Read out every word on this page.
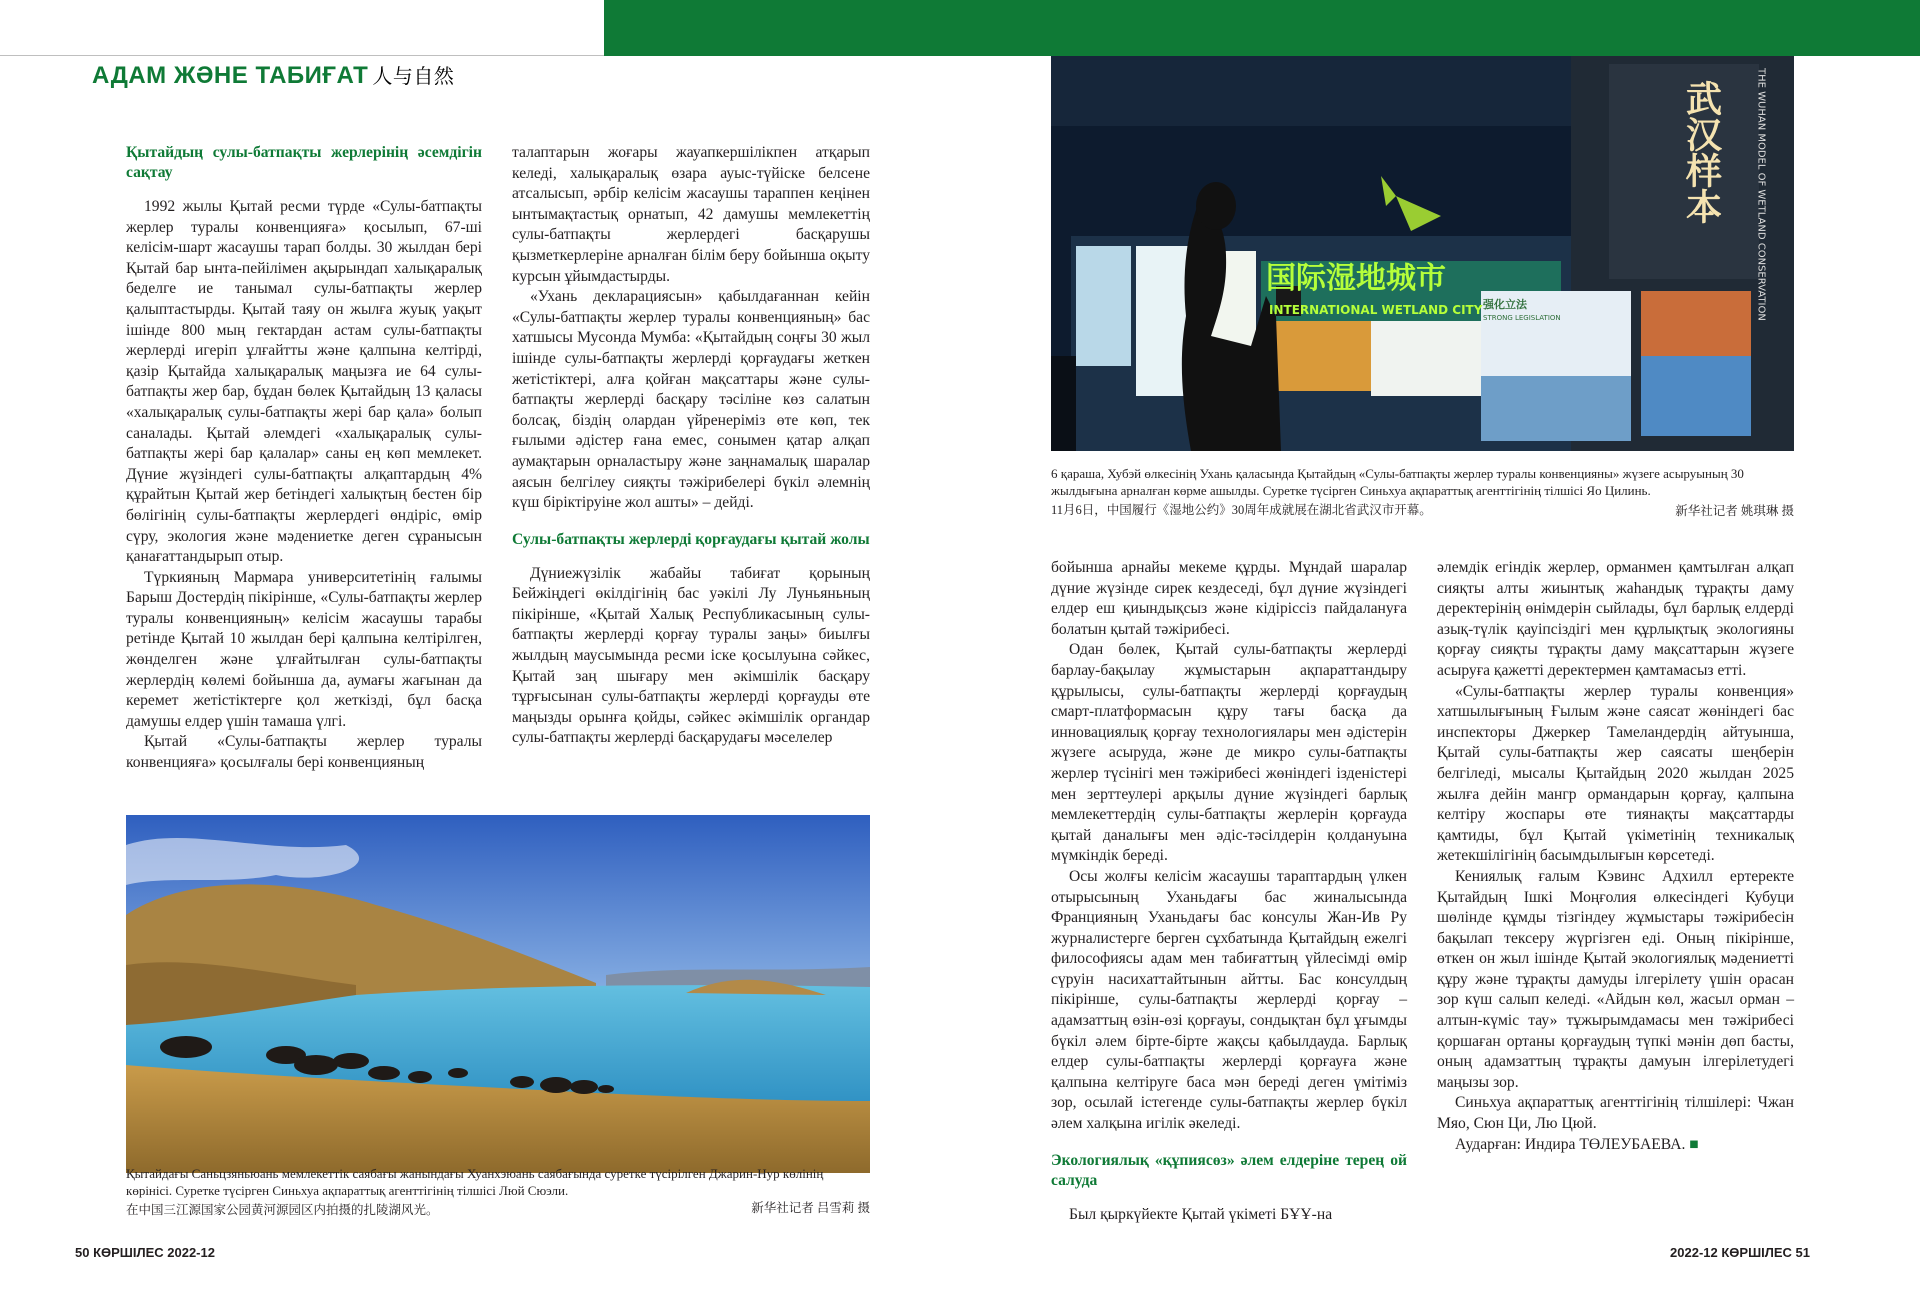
АДАМ ЖӘНЕ ТАБИҒАТ 人与自然
Қытайдың сулы-батпақты жерлерінің әсемдігін сақтау

1992 жылы Қытай ресми түрде «Сулы-батпақты жерлер туралы конвенцияға» қосылып, 67-ші келісім-шарт жасаушы тарап болды. 30 жылдан бері Қытай бар ынта-пейілімен ақырындап халықаралық беделге ие танымал сулы-батпақты жерлер қалыптастырды. Қытай таяу он жылға жуық уақыт ішінде 800 мың гектардан астам сулы-батпақты жерлерді игеріп ұлғайтты және қалпына келтірді, қазір Қытайда халықаралық маңызға ие 64 сулы-батпақты жер бар, бұдан бөлек Қытайдың 13 қаласы «халықаралық сулы-батпақты жері бар қала» болып саналады. Қытай әлемдегі «халықаралық сулы-батпақты жері бар қалалар» саны ең көп мемлекет. Дүние жүзіндегі сулы-батпақты алқаптардың 4% құрайтын Қытай жер бетіндегі халықтың бестен бір бөлігінің сулы-батпақты жерлердегі өндіріс, өмір сүру, экология және мәдениетке деген сұранысын қанағаттандырып отыр.

Түркияның Мармара университетінің ғалымы Барыш Достердің пікірінше, «Сулы-батпақты жерлер туралы конвенцияның» келісім жасаушы тарабы ретінде Қытай 10 жылдан бері қалпына келтірілген, жөнделген және ұлғайтылған сулы-батпақты жерлердің көлемі бойынша да, аумағы жағынан да керемет жетістіктерге қол жеткізді, бұл басқа дамушы елдер үшін тамаша үлгі.

Қытай «Сулы-батпақты жерлер туралы конвенцияға» қосылғалы бері конвенцияның

талаптарын жоғары жауапкершілікпен атқарып келеді, халықаралық өзара ауыс-түйіске белсене атсалысып, әрбір келісім жасаушы тараппен кеңінен ынтымақтастық орнатып, 42 дамушы мемлекеттің сулы-батпақты жерлердегі басқарушы қызметкерлеріне арналған білім беру бойынша оқыту курсын ұйымдастырды.

«Ухань декларациясын» қабылдағаннан кейін «Сулы-батпақты жерлер туралы конвенцияның» бас хатшысы Мусонда Мумба: «Қытайдың соңғы 30 жыл ішінде сулы-батпақты жерлерді қорғаудағы жеткен жетістіктері, алға қойған мақсаттары және сулы-батпақты жерлерді басқару тәсіліне көз салатын болсақ, біздің олардан үйренеріміз өте көп, тек ғылыми әдістер ғана емес, сонымен қатар алқап аумақтарын орналастыру және заңнамалық шаралар аясын белгілеу сияқты тәжірибелері бүкіл әлемнің күш біріктіруіне жол ашты» – дейді.

Сулы-батпақты жерлерді қорғаудағы қытай жолы

Дүниежүзілік жабайы табиғат қорының Бейжіңдегі өкілдігінің бас уәкілі Лу Луньяньның пікірінше, «Қытай Халық Республикасының сулы-батпақты жерлерді қорғау туралы заңы» биылғы жылдың маусымында ресми іске қосылуына сәйкес, Қытай заң шығару мен әкімшілік басқару тұрғысынан сулы-батпақты жерлерді қорғауды өте маңызды орынға қойды, сәйкес әкімшілік органдар сулы-батпақты жерлерді басқарудағы мәселелер

Қытайдағы Саньцзяньюань мемлекеттік саябағы жанындағы Хуанхэюань саябағында суретке түсірілген Джарин-Нур көлінің көрінісі. Суретке түсірген Синьхуа ақпараттық агенттігінің тілшісі Люй Сюэли.

在中国三江源国家公园黄河源园区内拍摄的扎陵湖风光。	新华社记者 吕雪莉 摄
国际湿地城市
INTERNATIONAL WETLAND CITY 强化立法
STRONG LEGISLATION
武汉样本	THE WUHAN MODEL OF WETLAND CONSERVATION

6 қараша, Хубэй өлкесінің Ухань қаласында Қытайдың «Сулы-батпақты жерлер туралы конвенцияны» жүзеге асыруының 30 жылдығына арналған көрме ашылды. Суретке түсірген Синьхуа ақпараттық агенттігінің тілшісі Яо Цилинь.

11月6日，中国履行《湿地公约》30周年成就展在湖北省武汉市开幕。	新华社记者 姚琪琳 摄

бойынша арнайы мекеме құрды. Мұндай шаралар дүние жүзінде сирек кездеседі, бұл дүние жүзіндегі елдер еш қиындықсыз және кідіріссіз пайдалануға болатын қытай тәжірибесі.

Одан бөлек, Қытай сулы-батпақты жерлерді барлау-бақылау жұмыстарын ақпараттандыру құрылысы, сулы-батпақты жерлерді қорғаудың смарт-платформасын құру тағы басқа да инновациялық қорғау технологиялары мен әдістерін жүзеге асыруда, және де микро сулы-батпақты жерлер түсінігі мен тәжірибесі жөніндегі ізденістері мен зерттеулері арқылы дүние жүзіндегі барлық мемлекеттердің сулы-батпақты жерлерін қорғауда қытай даналығы мен әдіс-тәсілдерін қолдануына мүмкіндік береді.

Осы жолғы келісім жасаушы тараптардың үлкен отырысының Уханьдағы бас жиналысында Францияның Уханьдағы бас консулы Жан-Ив Ру журналистерге берген сұхбатында Қытайдың ежелгі философиясы адам мен табиғаттың үйлесімді өмір сүруін насихаттайтынын айтты. Бас консулдың пікірінше, сулы-батпақты жерлерді қорғау – адамзаттың өзін-өзі қорғауы, сондықтан бұл ұғымды бүкіл әлем бірте-бірте жақсы қабылдауда. Барлық елдер сулы-батпақты жерлерді қорғауға және қалпына келтіруге баса мән береді деген үмітіміз зор, осылай істегенде сулы-батпақты жерлер бүкіл әлем халқына игілік әкеледі.

Экологиялық «құпиясөз» әлем елдеріне терең ой салуда

Был қыркүйекте Қытай үкіметі БҰҰ-на

әлемдік егіндік жерлер, орманмен қамтылған алқап сияқты алты жиынтық жаһандық тұрақты даму деректерінің өнімдерін сыйлады, бұл барлық елдерді азық-түлік қауіпсіздігі мен құрлықтық экологияны қорғау сияқты тұрақты даму мақсаттарын жүзеге асыруға қажетті деректермен қамтамасыз етті.

«Сулы-батпақты жерлер туралы конвенция» хатшылығының Ғылым және саясат жөніндегі бас инспекторы Джеркер Тамеландердің айтуынша, Қытай сулы-батпақты жер саясаты шеңберін белгіледі, мысалы Қытайдың 2020 жылдан 2025 жылға дейін мангр ормандарын қорғау, қалпына келтіру жоспары өте тиянақты мақсаттарды қамтиды, бұл Қытай үкіметінің техникалық жетекшілігінің басымдылығын көрсетеді.

Кениялық ғалым Кэвинс Адхилл ертеректе Қытайдың Ішкі Моңғолия өлкесіндегі Кубуци шөлінде құмды тізгіндеу жұмыстары тәжірибесін бақылап тексеру жүргізген еді. Оның пікірінше, өткен он жыл ішінде Қытай экологиялық мәдениетті құру және тұрақты дамуды ілгерілету үшін орасан зор күш салып келеді. «Айдын көл, жасыл орман – алтын-күміс тау» тұжырымдамасы мен тәжірибесі қоршаған ортаны қорғаудың түпкі мәнін дөп басты, оның адамзаттың тұрақты дамуын ілгерілетудегі маңызы зор.

Синьхуа ақпараттық агенттігінің тілшілері: Чжан Мяо, Сюн Ци, Лю Цюй.

Аударған: Индира ТӨЛЕУБАЕВА. ■

50 КӨРШІЛЕС 2022-12	2022-12 КӨРШІЛЕС 51
